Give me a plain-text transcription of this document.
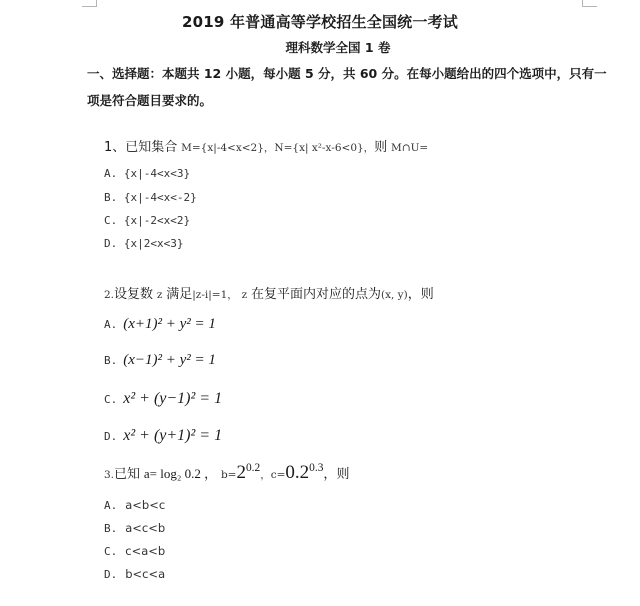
2019 年普通高等学校招生全国统一考试
理科数学全国 1 卷
一、选择题：本题共 12 小题，每小题 5 分，共 60 分。在每小题给出的四个选项中，只有一项是符合题目要求的。
1、已知集合 M={x|-4<x<2}，N={x| x²-x-6<0}，则 M∩U=
A. {x|-4<x<3}
B. {x|-4<x<-2}
C. {x|-2<x<2}
D. {x|2<x<3}
2.设复数 z 满足|z-i|=1， z 在复平面内对应的点为(x, y)，则
A. (x+1)² + y² = 1
B. (x−1)² + y² = 1
C. x² + (y−1)² = 1
D. x² + (y+1)² = 1
3.已知 a= log₂ 0.2 ， $b=2^{0.2}$，$c=0.2^{0.3}$，则
A. a<b<c
B. a<c<b
C. c<a<b
D. b<c<a
